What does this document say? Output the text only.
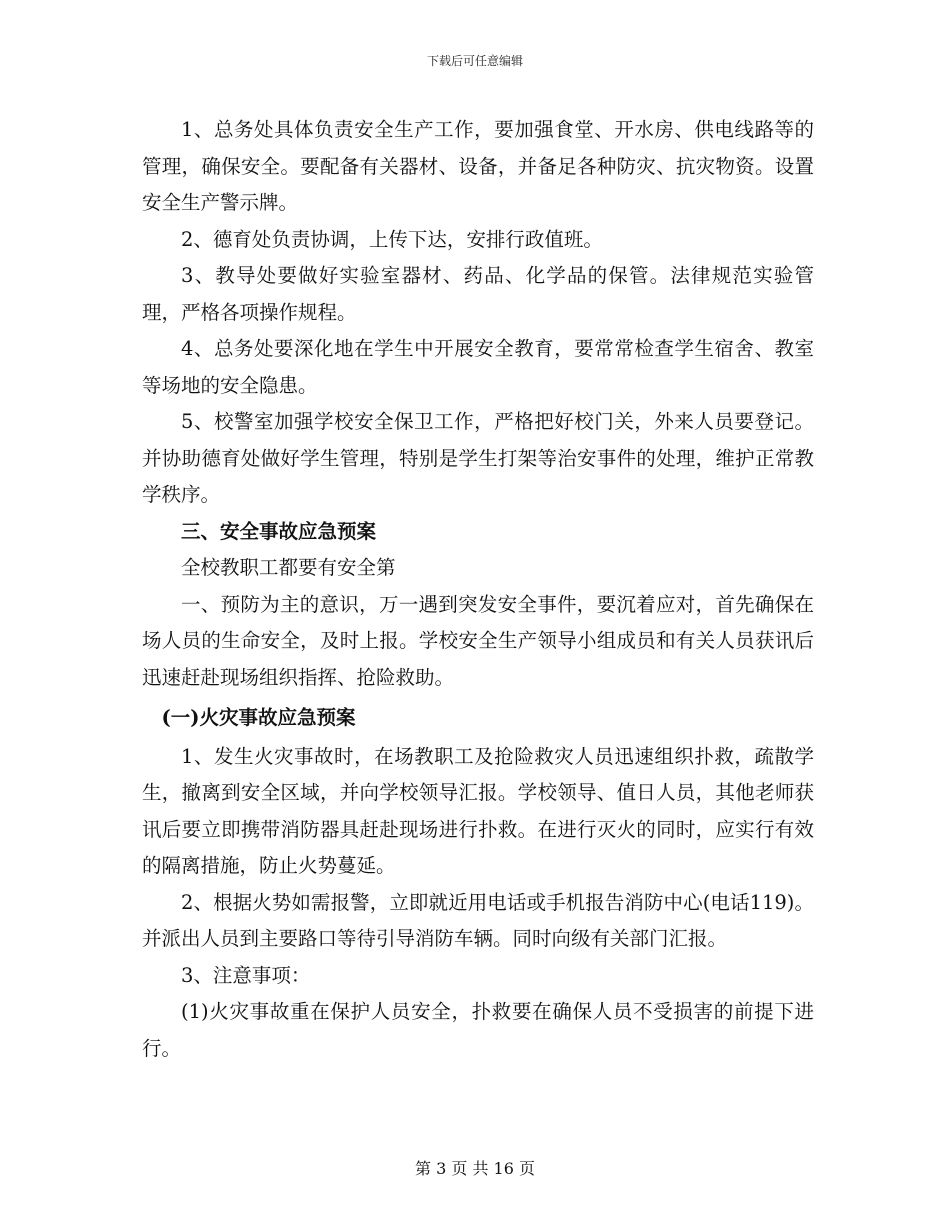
下载后可任意编辑

1、总务处具体负责安全生产工作，要加强食堂、开水房、供电线路等的管理，确保安全。要配备有关器材、设备，并备足各种防灾、抗灾物资。设置安全生产警示牌。

2、德育处负责协调，上传下达，安排行政值班。

3、教导处要做好实验室器材、药品、化学品的保管。法律规范实验管理，严格各项操作规程。

4、总务处要深化地在学生中开展安全教育，要常常检查学生宿舍、教室等场地的安全隐患。

5、校警室加强学校安全保卫工作，严格把好校门关，外来人员要登记。并协助德育处做好学生管理，特别是学生打架等治安事件的处理，维护正常教学秩序。

三、安全事故应急预案

全校教职工都要有安全第

一、预防为主的意识，万一遇到突发安全事件，要沉着应对，首先确保在场人员的生命安全，及时上报。学校安全生产领导小组成员和有关人员获讯后迅速赶赴现场组织指挥、抢险救助。

(一)火灾事故应急预案

1、发生火灾事故时，在场教职工及抢险救灾人员迅速组织扑救，疏散学生，撤离到安全区域，并向学校领导汇报。学校领导、值日人员，其他老师获讯后要立即携带消防器具赶赴现场进行扑救。在进行灭火的同时，应实行有效的隔离措施，防止火势蔓延。

2、根据火势如需报警，立即就近用电话或手机报告消防中心(电话119)。并派出人员到主要路口等待引导消防车辆。同时向级有关部门汇报。

3、注意事项：

(1)火灾事故重在保护人员安全，扑救要在确保人员不受损害的前提下进行。

第 3 页 共 16 页
